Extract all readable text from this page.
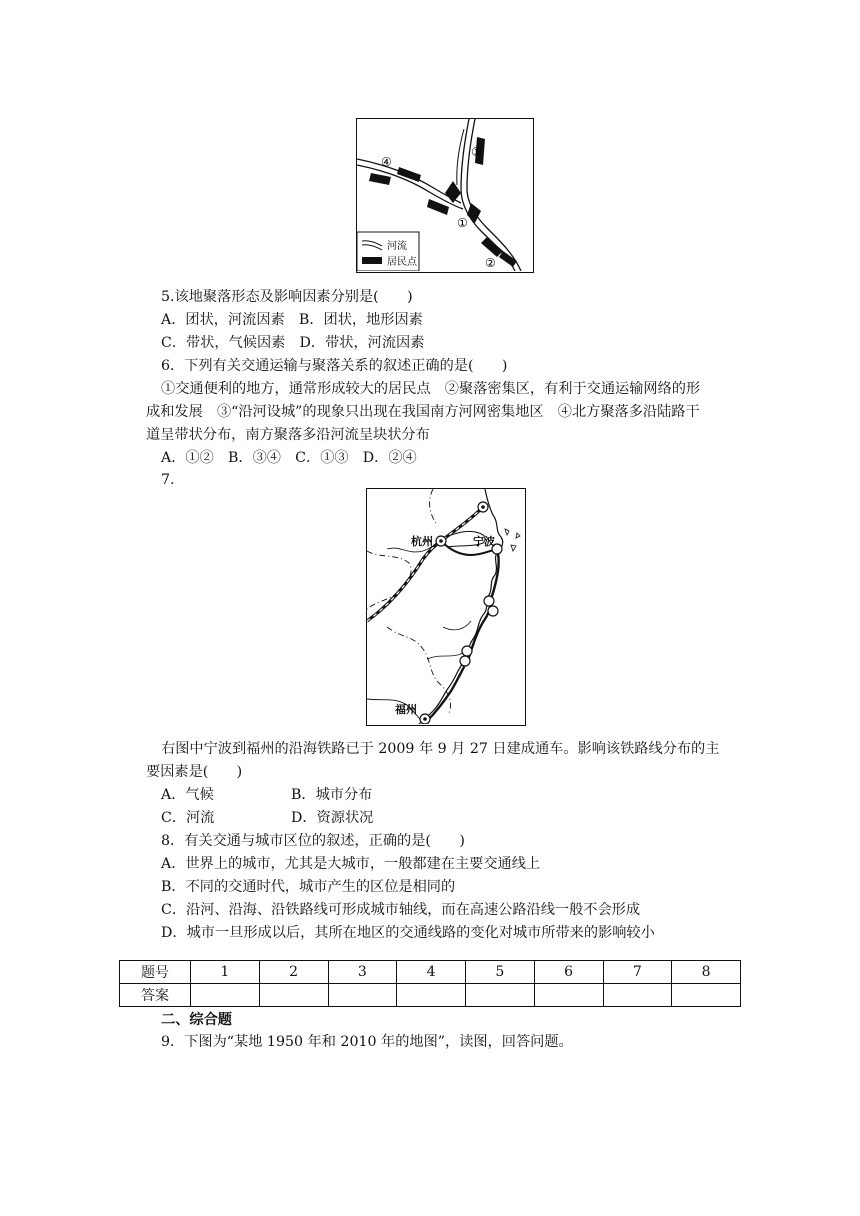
③
④
①
②
河流
居民点
5.该地聚落形态及影响因素分别是(　　)
A．团状，河流因素　B．团状，地形因素
C．带状，气候因素　D．带状，河流因素
6．下列有关交通运输与聚落关系的叙述正确的是(　　)
①交通便利的地方，通常形成较大的居民点　②聚落密集区，有利于交通运输网络的形
成和发展　③“沿河设城”的现象只出现在我国南方河网密集地区　④北方聚落多沿陆路干
道呈带状分布，南方聚落多沿河流呈块状分布
A．①②　B．③④　C．①③　D．②④
7.
杭州	宁波
福州
右图中宁波到福州的沿海铁路已于 2009 年 9 月 27 日建成通车。影响该铁路线分布的主
要因素是(　　)
A．气候	B．城市分布
C．河流	D．资源状况
8．有关交通与城市区位的叙述，正确的是(　　)
A．世界上的城市，尤其是大城市，一般都建在主要交通线上
B．不同的交通时代，城市产生的区位是相同的
C．沿河、沿海、沿铁路线可形成城市轴线，而在高速公路沿线一般不会形成
D．城市一旦形成以后，其所在地区的交通线路的变化对城市所带来的影响较小
题号	1	2	3	4	5	6	7	8
答案								
二、综合题
9．下图为“某地 1950 年和 2010 年的地图”，读图，回答问题。
